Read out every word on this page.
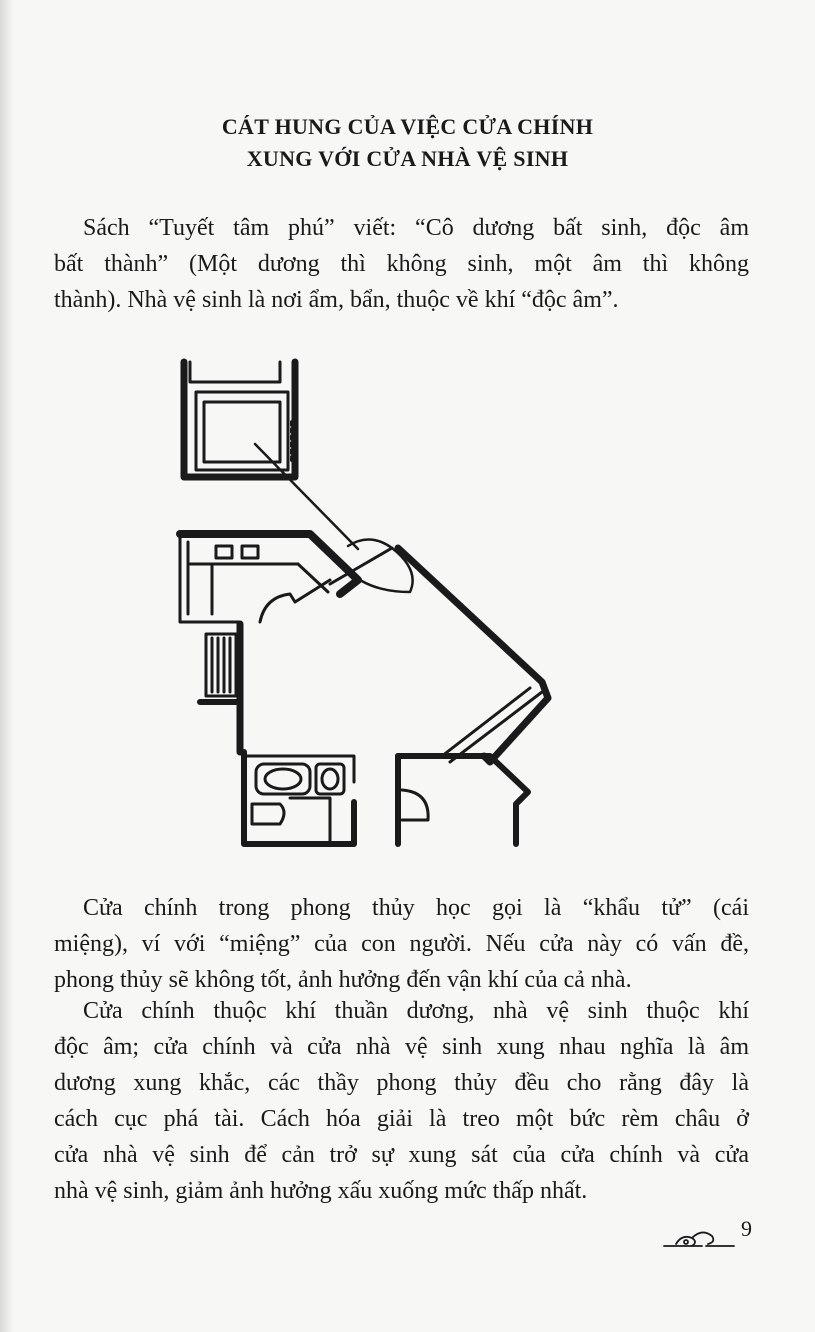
CÁT HUNG CỦA VIỆC CỬA CHÍNH
XUNG VỚI CỬA NHÀ VỆ SINH
Sách “Tuyết tâm phú” viết: “Cô dương bất sinh, độc âm
bất thành” (Một dương thì không sinh, một âm thì không
thành). Nhà vệ sinh là nơi ẩm, bẩn, thuộc về khí “độc âm”.
Cửa chính trong phong thủy học gọi là “khẩu tử” (cái
miệng), ví với “miệng” của con người. Nếu cửa này có vấn đề,
phong thủy sẽ không tốt, ảnh hưởng đến vận khí của cả nhà.
Cửa chính thuộc khí thuần dương, nhà vệ sinh thuộc khí
độc âm; cửa chính và cửa nhà vệ sinh xung nhau nghĩa là âm
dương xung khắc, các thầy phong thủy đều cho rằng đây là
cách cục phá tài. Cách hóa giải là treo một bức rèm châu ở
cửa nhà vệ sinh để cản trở sự xung sát của cửa chính và cửa
nhà vệ sinh, giảm ảnh hưởng xấu xuống mức thấp nhất.
9
